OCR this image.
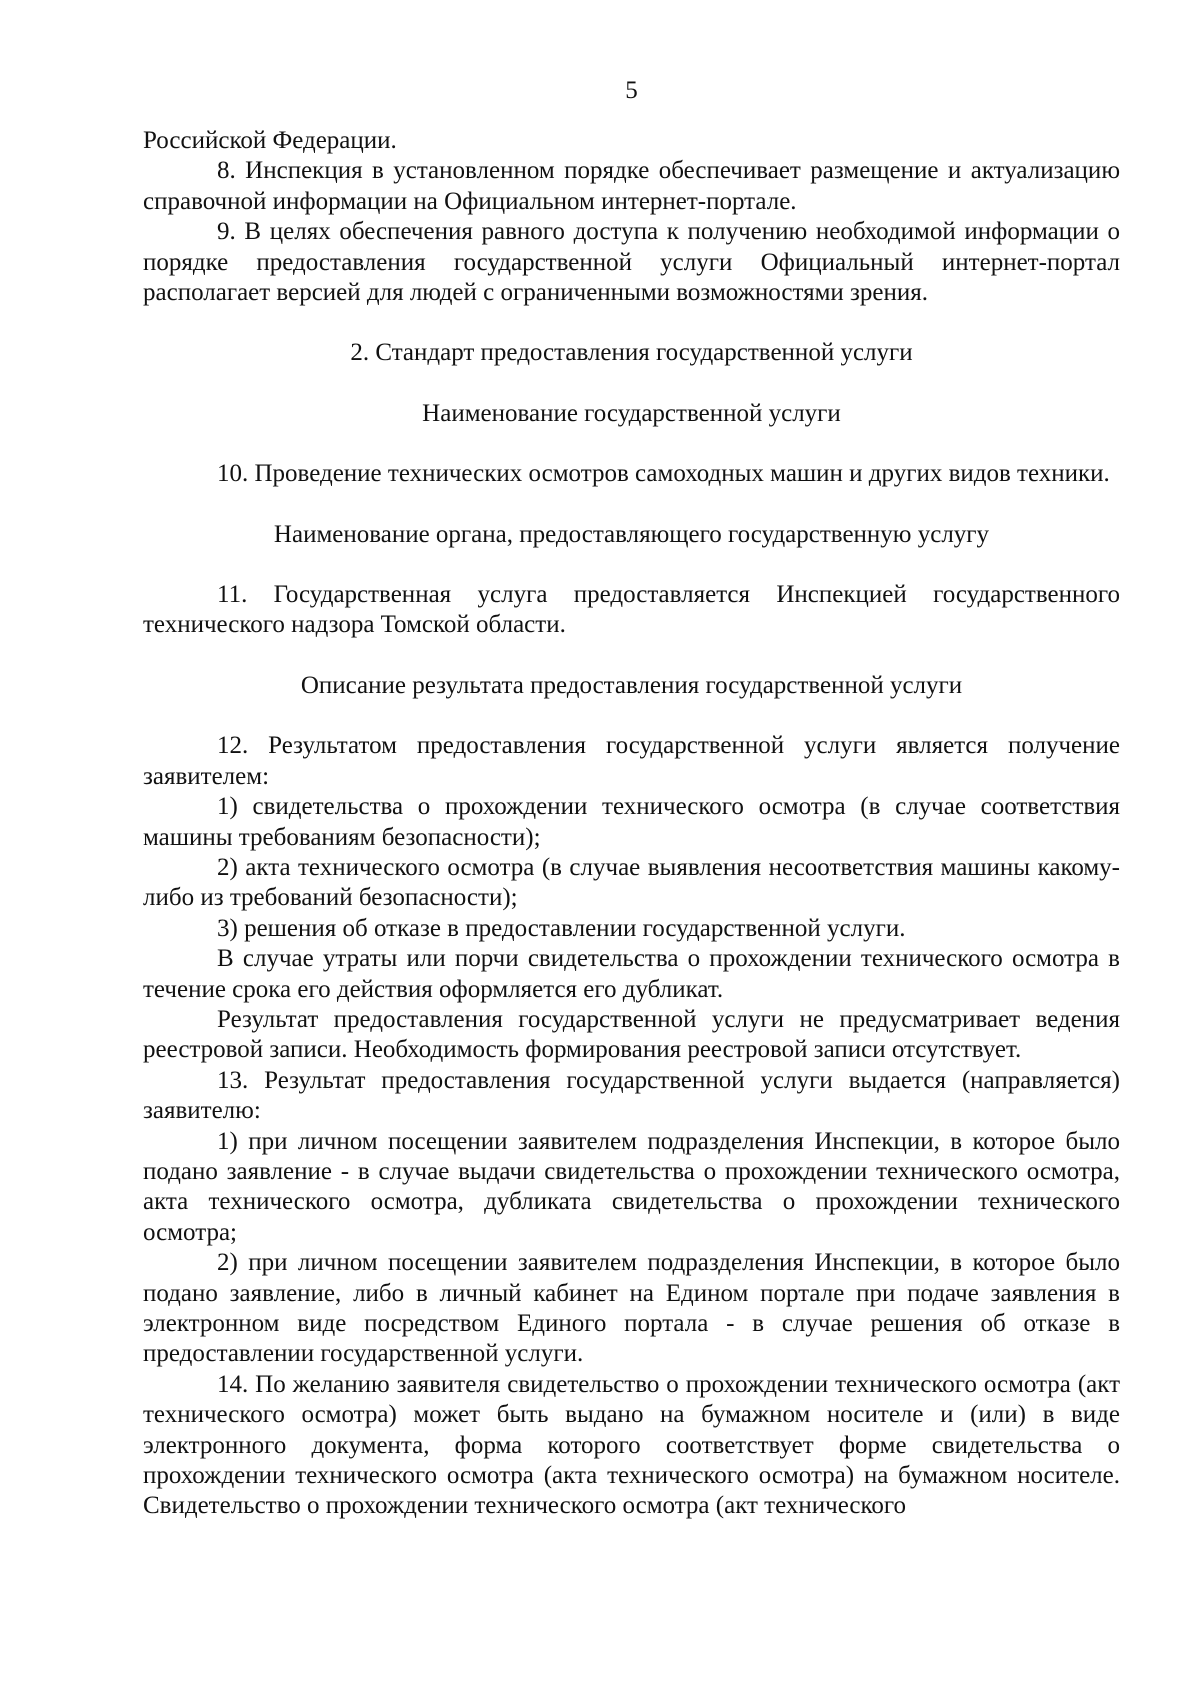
5

Российской Федерации.

8. Инспекция в установленном порядке обеспечивает размещение и актуализацию справочной информации на Официальном интернет-портале.

9. В целях обеспечения равного доступа к получению необходимой информации о порядке предоставления государственной услуги Официальный интернет-портал располагает версией для людей с ограниченными возможностями зрения.

2. Стандарт предоставления государственной услуги

Наименование государственной услуги

10. Проведение технических осмотров самоходных машин и других видов техники.

Наименование органа, предоставляющего государственную услугу

11. Государственная услуга предоставляется Инспекцией государственного технического надзора Томской области.

Описание результата предоставления государственной услуги

12. Результатом предоставления государственной услуги является получение заявителем:

1) свидетельства о прохождении технического осмотра (в случае соответствия машины требованиям безопасности);

2) акта технического осмотра (в случае выявления несоответствия машины какому-либо из требований безопасности);

3) решения об отказе в предоставлении государственной услуги.

В случае утраты или порчи свидетельства о прохождении технического осмотра в течение срока его действия оформляется его дубликат.

Результат предоставления государственной услуги не предусматривает ведения реестровой записи. Необходимость формирования реестровой записи отсутствует.

13. Результат предоставления государственной услуги выдается (направляется) заявителю:

1) при личном посещении заявителем подразделения Инспекции, в которое было подано заявление - в случае выдачи свидетельства о прохождении технического осмотра, акта технического осмотра, дубликата свидетельства о прохождении технического осмотра;

2) при личном посещении заявителем подразделения Инспекции, в которое было подано заявление, либо в личный кабинет на Едином портале при подаче заявления в электронном виде посредством Единого портала - в случае решения об отказе в предоставлении государственной услуги.

14. По желанию заявителя свидетельство о прохождении технического осмотра (акт технического осмотра) может быть выдано на бумажном носителе и (или) в виде электронного документа, форма которого соответствует форме свидетельства о прохождении технического осмотра (акта технического осмотра) на бумажном носителе. Свидетельство о прохождении технического осмотра (акт технического
